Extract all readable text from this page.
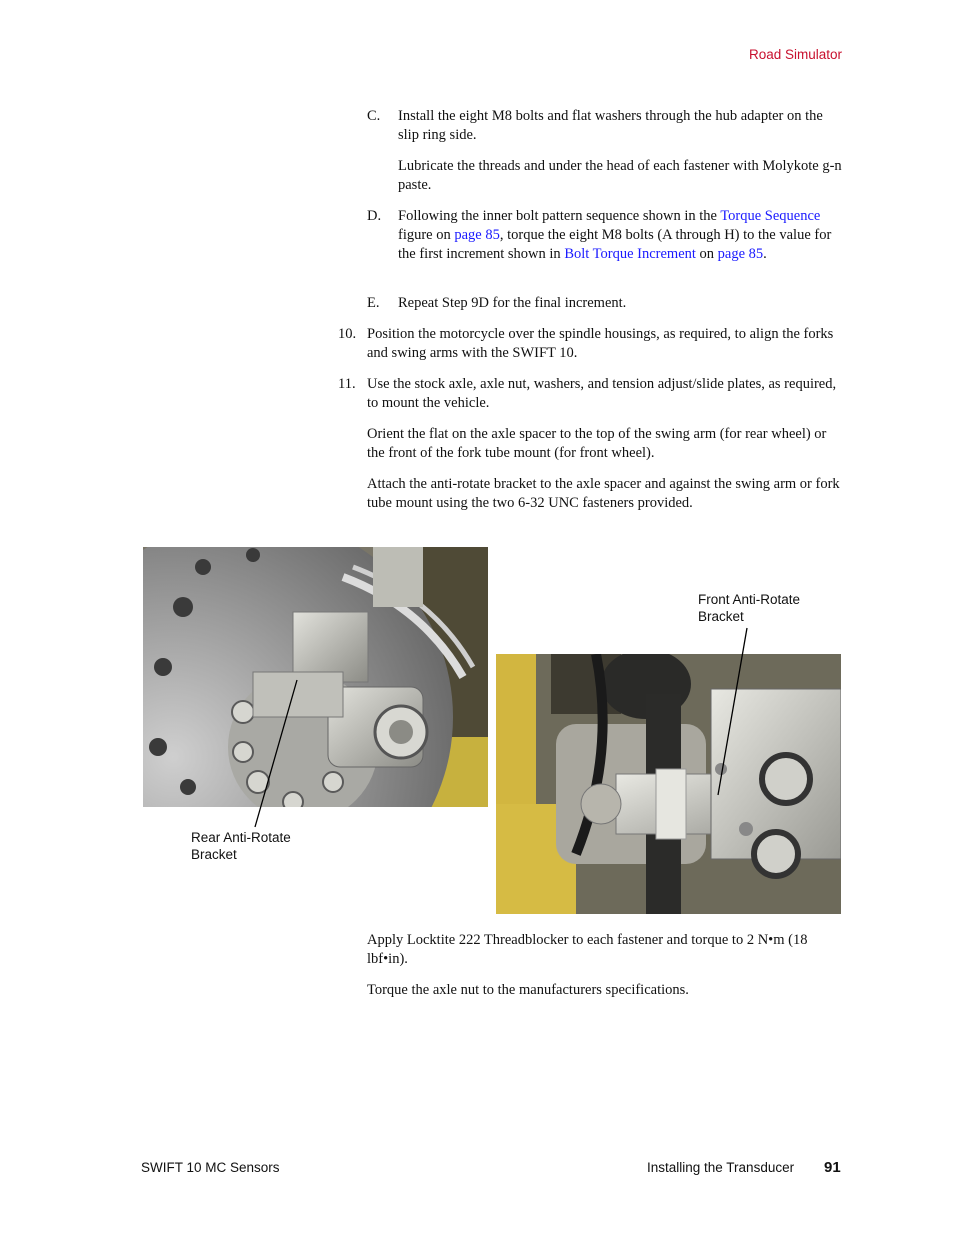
Road Simulator
C.	Install the eight M8 bolts and flat washers through the hub adapter on the slip ring side.
Lubricate the threads and under the head of each fastener with Molykote g-n paste.
D.	Following the inner bolt pattern sequence shown in the Torque Sequence figure on page 85, torque the eight M8 bolts (A through H) to the value for the first increment shown in Bolt Torque Increment on page 85.
E.	Repeat Step 9D for the final increment.
10. Position the motorcycle over the spindle housings, as required, to align the forks and swing arms with the SWIFT 10.
11. Use the stock axle, axle nut, washers, and tension adjust/slide plates, as required, to mount the vehicle.
Orient the flat on the axle spacer to the top of the swing arm (for rear wheel) or the front of the fork tube mount (for front wheel).
Attach the anti-rotate bracket to the axle spacer and against the swing arm or fork tube mount using the two 6-32 UNC fasteners provided.
Front Anti-Rotate Bracket
Rear Anti-Rotate Bracket
Apply Locktite 222 Threadblocker to each fastener and torque to 2 N•m (18 lbf•in).
Torque the axle nut to the manufacturers specifications.
SWIFT 10 MC Sensors	Installing the Transducer 91
